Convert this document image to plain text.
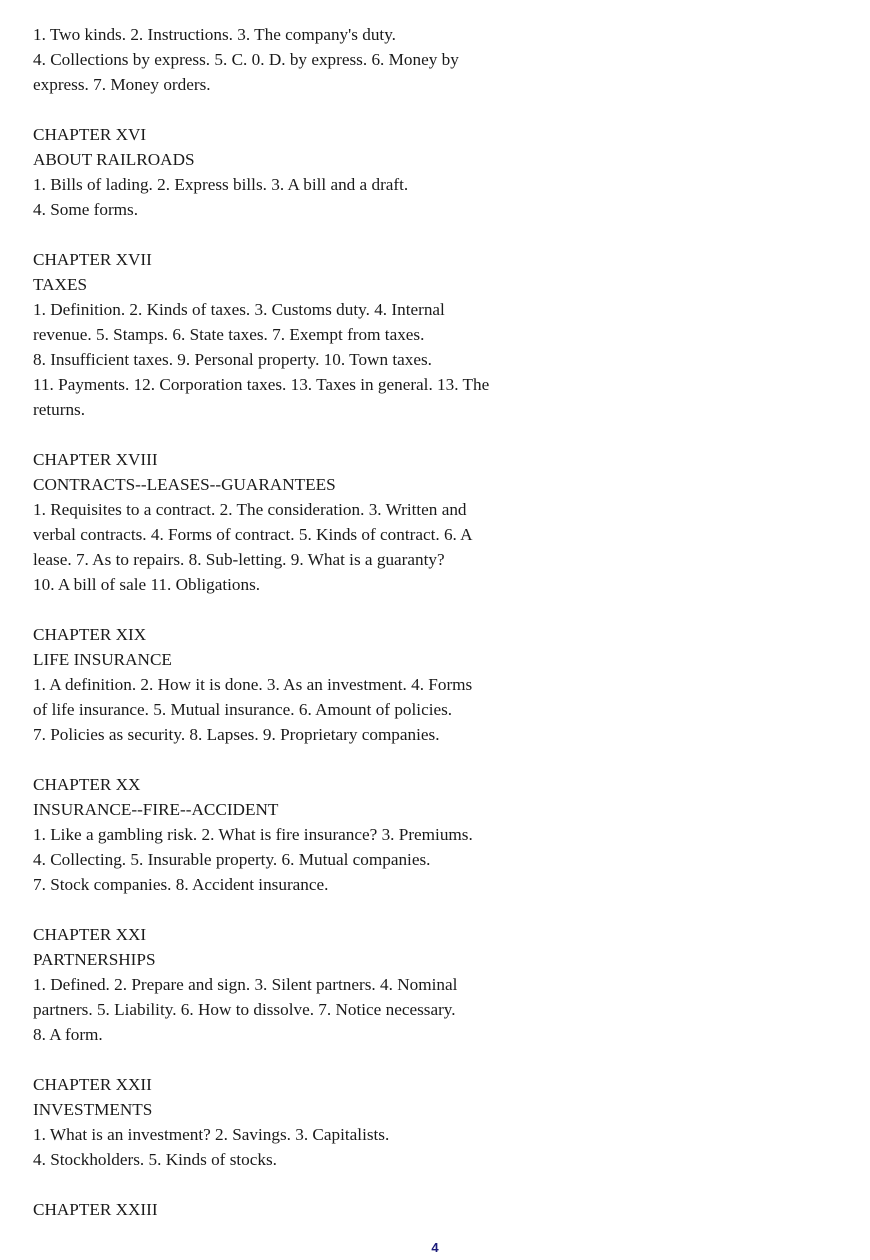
1. Two kinds. 2. Instructions. 3. The company's duty.
4. Collections by express. 5. C. 0. D. by express. 6. Money by
express. 7. Money orders.
CHAPTER XVI
ABOUT RAILROADS
1. Bills of lading. 2. Express bills. 3. A bill and a draft.
4. Some forms.
CHAPTER XVII
TAXES
1. Definition. 2. Kinds of taxes. 3. Customs duty. 4. Internal
revenue. 5. Stamps. 6. State taxes. 7. Exempt from taxes.
8. Insufficient taxes. 9. Personal property. 10. Town taxes.
11. Payments. 12. Corporation taxes. 13. Taxes in general. 13. The
returns.
CHAPTER XVIII
CONTRACTS--LEASES--GUARANTEES
1. Requisites to a contract. 2. The consideration. 3. Written and
verbal contracts. 4. Forms of contract. 5. Kinds of contract. 6. A
lease. 7. As to repairs. 8. Sub-letting. 9. What is a guaranty?
10. A bill of sale 11. Obligations.
CHAPTER XIX
LIFE INSURANCE
1. A definition. 2. How it is done. 3. As an investment. 4. Forms
of life insurance. 5. Mutual insurance. 6. Amount of policies.
7. Policies as security. 8. Lapses. 9. Proprietary companies.
CHAPTER XX
INSURANCE--FIRE--ACCIDENT
1. Like a gambling risk. 2. What is fire insurance? 3. Premiums.
4. Collecting. 5. Insurable property. 6. Mutual companies.
7. Stock companies. 8. Accident insurance.
CHAPTER XXI
PARTNERSHIPS
1. Defined. 2. Prepare and sign. 3. Silent partners. 4. Nominal
partners. 5. Liability. 6. How to dissolve. 7. Notice necessary.
8. A form.
CHAPTER XXII
INVESTMENTS
1. What is an investment? 2. Savings. 3. Capitalists.
4. Stockholders. 5. Kinds of stocks.
CHAPTER XXIII
4
